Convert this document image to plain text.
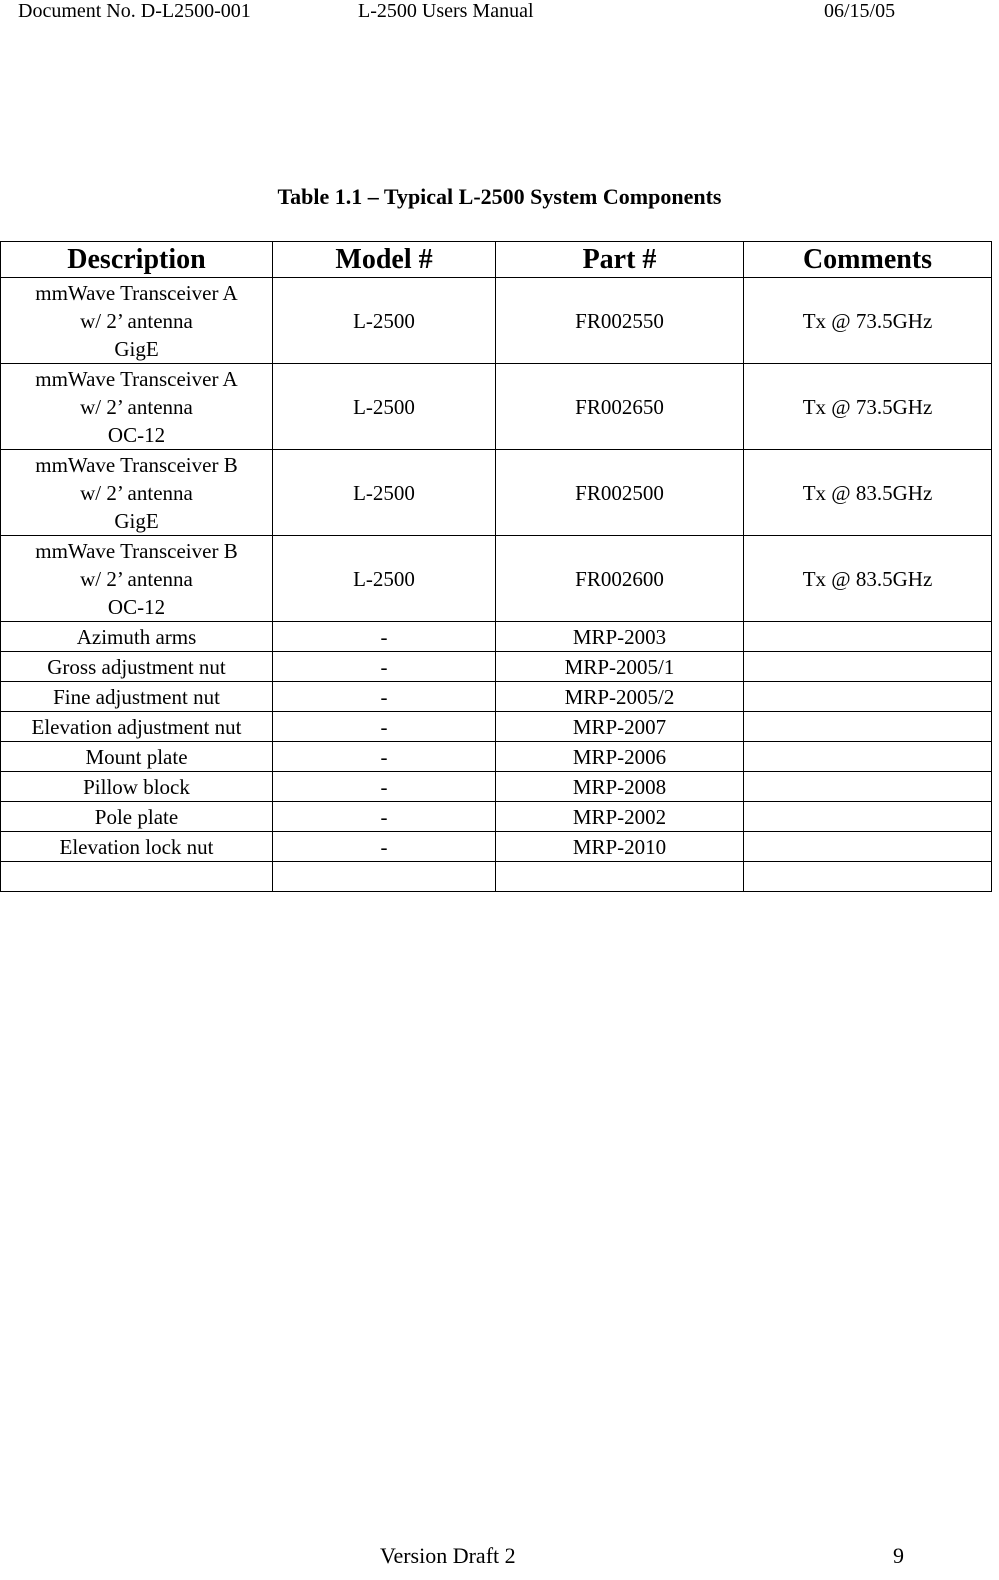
Document No. D-L2500-001	L-2500 Users Manual	06/15/05
Table 1.1 – Typical L-2500 System Components
Description	Model #	Part #	Comments

mmWave Transceiver A
w/ 2’ antenna
GigE	L-2500	FR002550	Tx @ 73.5GHz

mmWave Transceiver A
w/ 2’ antenna
OC-12	L-2500	FR002650	Tx @ 73.5GHz

mmWave Transceiver B
w/ 2’ antenna
GigE	L-2500	FR002500	Tx @ 83.5GHz

mmWave Transceiver B
w/ 2’ antenna
OC-12	L-2500	FR002600	Tx @ 83.5GHz
Azimuth arms	-	MRP-2003	
Gross adjustment nut	-	MRP-2005/1	
Fine adjustment nut	-	MRP-2005/2	
Elevation adjustment nut	-	MRP-2007	
Mount plate	-	MRP-2006	
Pillow block	-	MRP-2008	
Pole plate	-	MRP-2002	
Elevation lock nut	-	MRP-2010	

Version Draft 2	9
